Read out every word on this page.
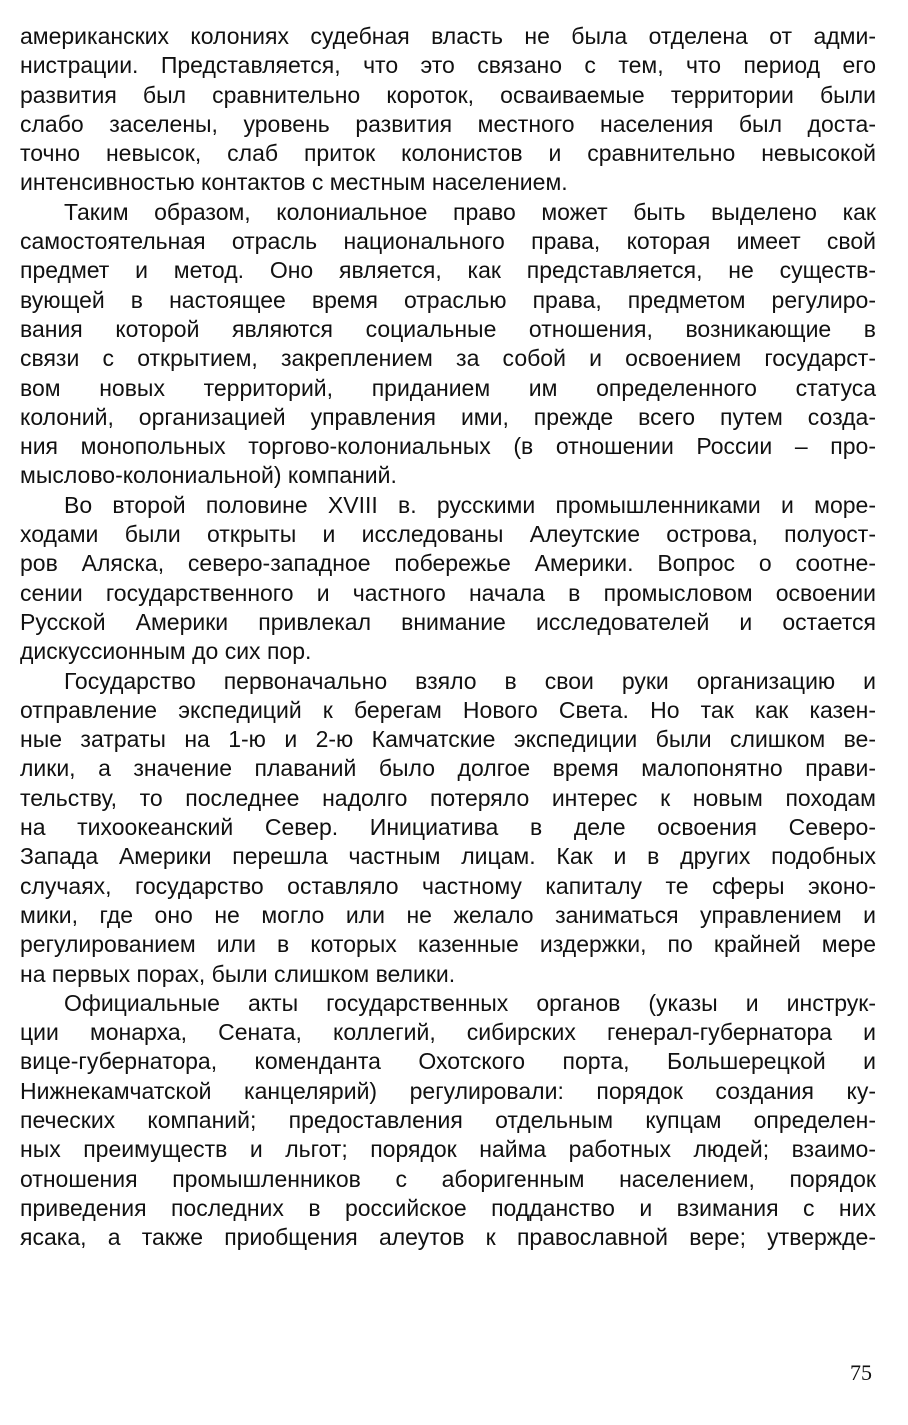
американских колониях судебная власть не была отделена от адми-
нистрации. Представляется, что это связано с тем, что период его
развития был сравнительно короток, осваиваемые территории были
слабо заселены, уровень развития местного населения был доста-
точно невысок, слаб приток колонистов и сравнительно невысокой
интенсивностью контактов с местным населением.
Таким образом, колониальное право может быть выделено как
самостоятельная отрасль национального права, которая имеет свой
предмет и метод. Оно является, как представляется, не существ-
вующей в настоящее время отраслью права, предметом регулиро-
вания которой являются социальные отношения, возникающие в
связи с открытием, закреплением за собой и освоением государст-
вом новых территорий, приданием им определенного статуса
колоний, организацией управления ими, прежде всего путем созда-
ния монопольных торгово-колониальных (в отношении России – про-
мыслово-колониальной) компаний.
Во второй половине XVIII в. русскими промышленниками и море-
ходами были открыты и исследованы Алеутские острова, полуост-
ров Аляска, северо-западное побережье Америки. Вопрос о соотне-
сении государственного и частного начала в промысловом освоении
Русской Америки привлекал внимание исследователей и остается
дискуссионным до сих пор.
Государство первоначально взяло в свои руки организацию и
отправление экспедиций к берегам Нового Света. Но так как казен-
ные затраты на 1-ю и 2-ю Камчатские экспедиции были слишком ве-
лики, а значение плаваний было долгое время малопонятно прави-
тельству, то последнее надолго потеряло интерес к новым походам
на тихоокеанский Север. Инициатива в деле освоения Северо-
Запада Америки перешла частным лицам. Как и в других подобных
случаях, государство оставляло частному капиталу те сферы эконо-
мики, где оно не могло или не желало заниматься управлением и
регулированием или в которых казенные издержки, по крайней мере
на первых порах, были слишком велики.
Официальные акты государственных органов (указы и инструк-
ции монарха, Сената, коллегий, сибирских генерал-губернатора и
вице-губернатора, коменданта Охотского порта, Большерецкой и
Нижнекамчатской канцелярий) регулировали: порядок создания ку-
печеских компаний; предоставления отдельным купцам определен-
ных преимуществ и льгот; порядок найма работных людей; взаимо-
отношения промышленников с аборигенным населением, порядок
приведения последних в российское подданство и взимания с них
ясака, а также приобщения алеутов к православной вере; утвержде-
75
